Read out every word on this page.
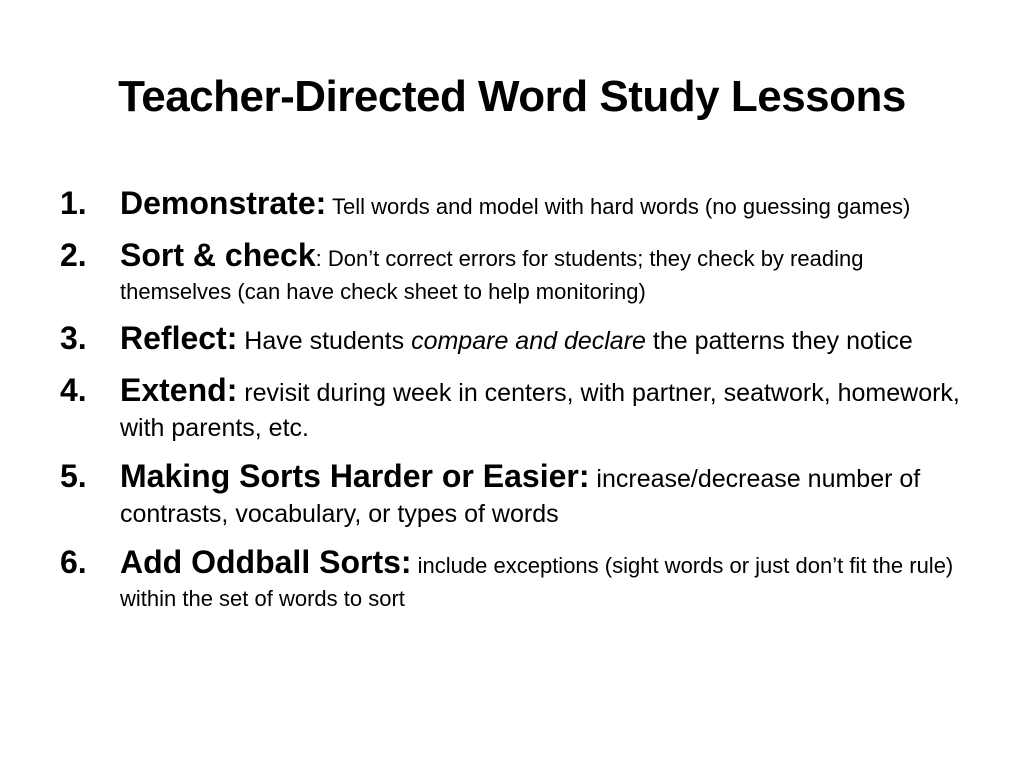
Teacher-Directed Word Study Lessons
1. Demonstrate: Tell words and model with hard words (no guessing games)
2. Sort & check: Don’t correct errors for students; they check by reading themselves (can have check sheet to help monitoring)
3. Reflect: Have students compare and declare the patterns they notice
4. Extend: revisit during week in centers, with partner, seatwork, homework, with parents, etc.
5. Making Sorts Harder or Easier: increase/decrease number of contrasts, vocabulary, or types of words
6. Add Oddball Sorts: include exceptions (sight words or just don’t fit the rule) within the set of words to sort
